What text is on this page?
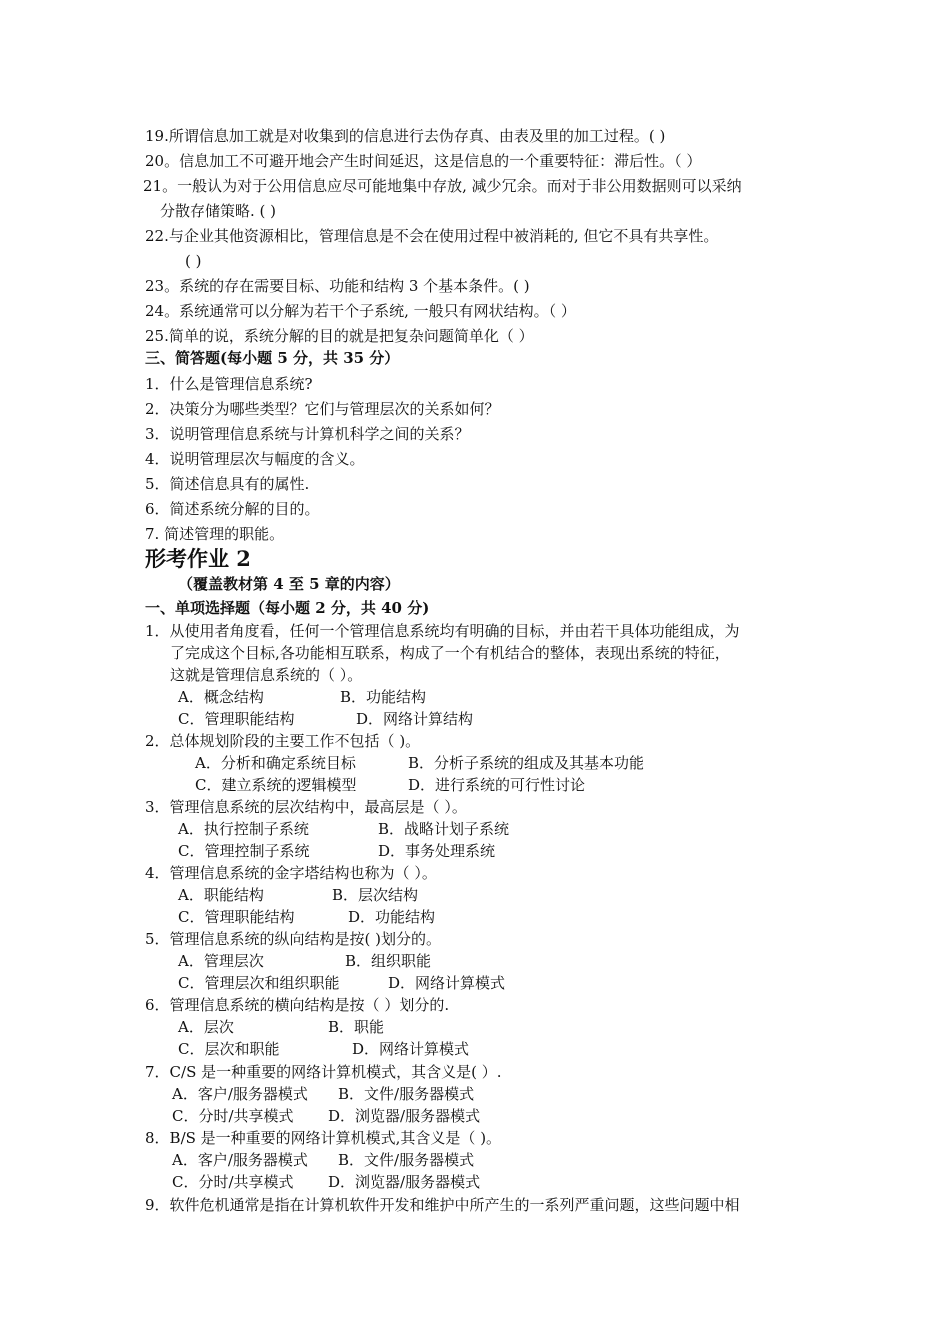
19.所谓信息加工就是对收集到的信息进行去伪存真、由表及里的加工过程。( )
20。信息加工不可避开地会产生时间延迟，这是信息的一个重要特征：滞后性。（ ）
21。一般认为对于公用信息应尽可能地集中存放, 减少冗余。而对于非公用数据则可以采纳
分散存储策略. ( )
22.与企业其他资源相比，管理信息是不会在使用过程中被消耗的, 但它不具有共享性。
( )
23。系统的存在需要目标、功能和结构 3 个基本条件。( )
24。系统通常可以分解为若干个子系统, 一般只有网状结构。（ ）
25.简单的说，系统分解的目的就是把复杂问题简单化（ ）
三、简答题(每小题 5 分，共 35 分）
1．什么是管理信息系统?
2．决策分为哪些类型？它们与管理层次的关系如何？
3．说明管理信息系统与计算机科学之间的关系？
4．说明管理层次与幅度的含义。
5．简述信息具有的属性.
6．简述系统分解的目的。
7. 简述管理的职能。
形考作业 2
（覆盖教材第 4 至 5 章的内容）
一、单项选择题（每小题 2 分，共 40 分)
1．从使用者角度看，任何一个管理信息系统均有明确的目标，并由若干具体功能组成，为
了完成这个目标,各功能相互联系，构成了一个有机结合的整体，表现出系统的特征，
这就是管理信息系统的（ ）。
A．概念结构	B．功能结构
C．管理职能结构	D．网络计算结构
2．总体规划阶段的主要工作不包括（ )。
A．分析和确定系统目标	B．分析子系统的组成及其基本功能
C．建立系统的逻辑模型	D．进行系统的可行性讨论
3．管理信息系统的层次结构中，最高层是（ ）。
A．执行控制子系统	B．战略计划子系统
C．管理控制子系统	D．事务处理系统
4．管理信息系统的金字塔结构也称为（ ）。
A．职能结构	B．层次结构
C．管理职能结构	D．功能结构
5．管理信息系统的纵向结构是按( )划分的。
A．管理层次	B．组织职能
C．管理层次和组织职能	D．网络计算模式
6．管理信息系统的横向结构是按（ ）划分的.
A．层次	B．职能
C．层次和职能	D．网络计算模式
7．C/S 是一种重要的网络计算机模式，其含义是( ）.
A．客户/服务器模式 B．文件/服务器模式
C．分时/共享模式 D．浏览器/服务器模式
8．B/S 是一种重要的网络计算机模式,其含义是（ )。
A．客户/服务器模式 B．文件/服务器模式
C．分时/共享模式 D．浏览器/服务器模式
9．软件危机通常是指在计算机软件开发和维护中所产生的一系列严重问题，这些问题中相
